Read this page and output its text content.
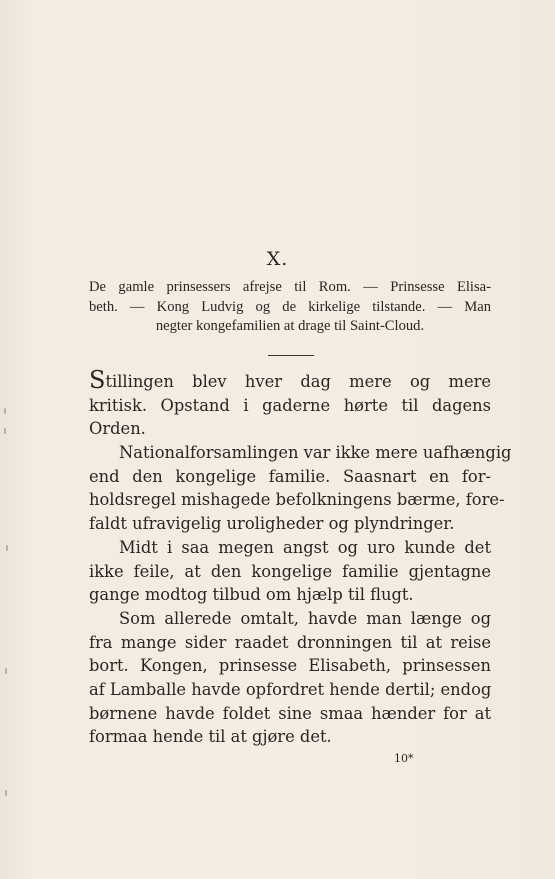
X.
De gamle prinsessers afrejse til Rom. — Prinsesse Elisa-
beth. — Kong Ludvig og de kirkelige tilstande. — Man
negter kongefamilien at drage til Saint-Cloud.
Stillingen blev hver dag mere og mere
kritisk. Opstand i gaderne hørte til dagens
Orden.
Nationalforsamlingen var ikke mere uafhængig
end den kongelige familie. Saasnart en for-
holdsregel mishagede befolkningens bærme, fore-
faldt ufravigelig uroligheder og plyndringer.
Midt i saa megen angst og uro kunde det
ikke feile, at den kongelige familie gjentagne
gange modtog tilbud om hjælp til flugt.
Som allerede omtalt, havde man længe og
fra mange sider raadet dronningen til at reise
bort. Kongen, prinsesse Elisabeth, prinsessen
af Lamballe havde opfordret hende dertil; endog
børnene havde foldet sine smaa hænder for at
formaa hende til at gjøre det.
10*
